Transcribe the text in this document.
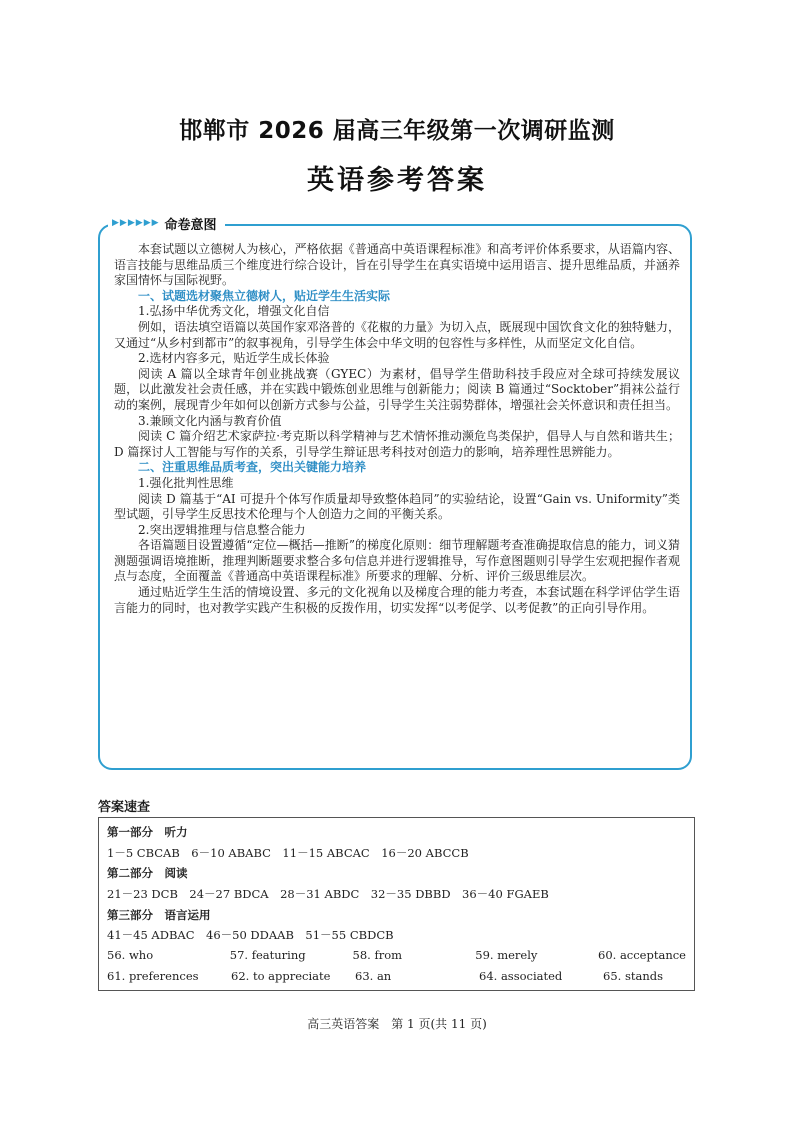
邯郸市 2026 届高三年级第一次调研监测
英语参考答案
▶ ▶ ▶ ▶ ▶ ▶ 命卷意图

本套试题以立德树人为核心，严格依据《普通高中英语课程标准》和高考评价体系要求，从语篇内容、语言技能与思维品质三个维度进行综合设计，旨在引导学生在真实语境中运用语言、提升思维品质，并涵养家国情怀与国际视野。

一、试题选材聚焦立德树人，贴近学生生活实际

1.弘扬中华优秀文化，增强文化自信

例如，语法填空语篇以英国作家邓洛普的《花椒的力量》为切入点，既展现中国饮食文化的独特魅力，又通过“从乡村到都市”的叙事视角，引导学生体会中华文明的包容性与多样性，从而坚定文化自信。

2.选材内容多元，贴近学生成长体验

阅读 A 篇以全球青年创业挑战赛（GYEC）为素材，倡导学生借助科技手段应对全球可持续发展议题，以此激发社会责任感，并在实践中锻炼创业思维与创新能力；阅读 B 篇通过“Socktober”捐袜公益行动的案例，展现青少年如何以创新方式参与公益，引导学生关注弱势群体，增强社会关怀意识和责任担当。

3.兼顾文化内涵与教育价值

阅读 C 篇介绍艺术家萨拉·考克斯以科学精神与艺术情怀推动濒危鸟类保护，倡导人与自然和谐共生；D 篇探讨人工智能与写作的关系，引导学生辩证思考科技对创造力的影响，培养理性思辨能力。

二、注重思维品质考查，突出关键能力培养

1.强化批判性思维

阅读 D 篇基于“AI 可提升个体写作质量却导致整体趋同”的实验结论，设置“Gain vs. Uniformity”类型试题，引导学生反思技术伦理与个人创造力之间的平衡关系。

2.突出逻辑推理与信息整合能力

各语篇题目设置遵循“定位—概括—推断”的梯度化原则：细节理解题考查准确提取信息的能力，词义猜测题强调语境推断，推理判断题要求整合多句信息并进行逻辑推导，写作意图题则引导学生宏观把握作者观点与态度，全面覆盖《普通高中英语课程标准》所要求的理解、分析、评价三级思维层次。

通过贴近学生生活的情境设置、多元的文化视角以及梯度合理的能力考查，本套试题在科学评估学生语言能力的同时，也对教学实践产生积极的反拨作用，切实发挥“以考促学、以考促教”的正向引导作用。

答案速查
第一部分　听力
1－5 CBCAB　6－10 ABABC　11－15 ABCAC　16－20 ABCCB
第二部分　阅读
21－23 DCB　24－27 BDCA　28－31 ABDC　32－35 DBBD　36－40 FGAEB
第三部分　语言运用
41－45 ADBAC　46－50 DDAAB　51－55 CBDCB
56. who	57. featuring	58. from	59. merely	60. acceptance
61. preferences	62. to appreciate	63. an	64. associated	65. stands
高三英语答案　第 1 页(共 11 页)
